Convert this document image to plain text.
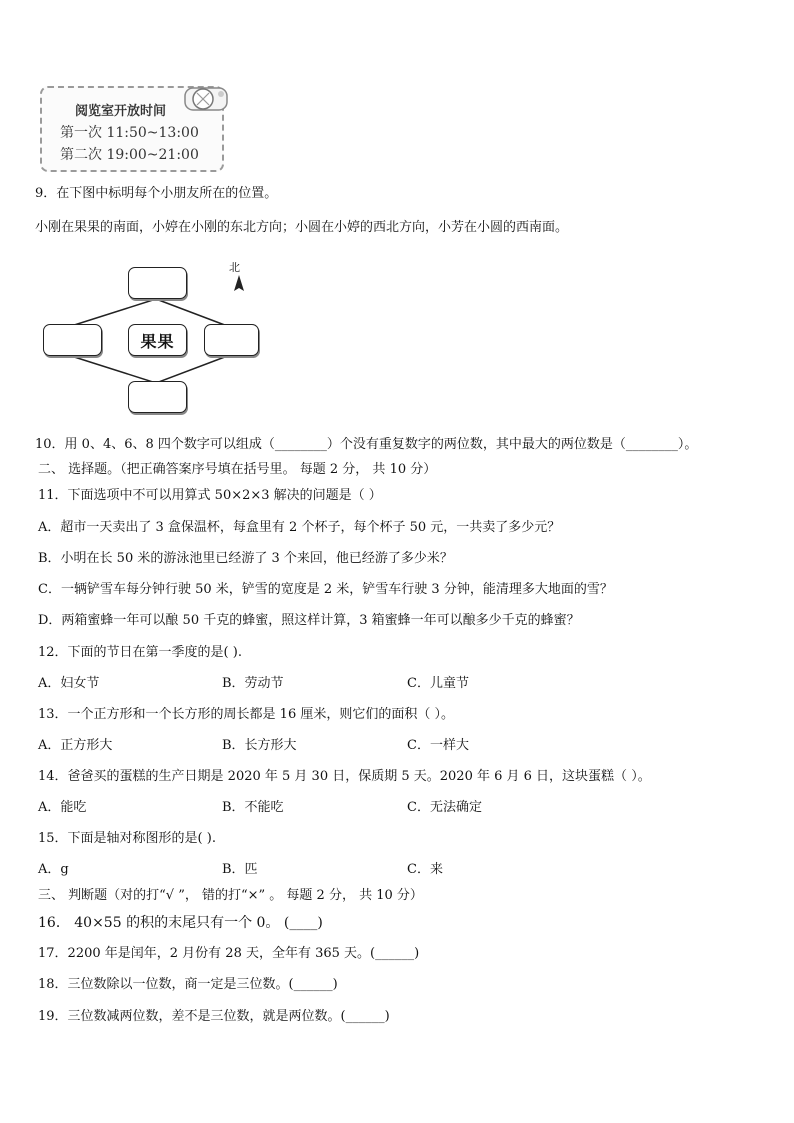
阅览室开放时间
第一次 11:50~13:00
第二次 19:00~21:00
9．在下图中标明每个小朋友所在的位置。
小刚在果果的南面，小婷在小刚的东北方向；小圆在小婷的西北方向，小芳在小圆的西南面。
果果
北
10．用 0、4、6、8 四个数字可以组成（________）个没有重复数字的两位数，其中最大的两位数是（________）。
二、 选择题。（把正确答案序号填在括号里。 每题 2 分， 共 10 分）
11．下面选项中不可以用算式 50×2×3 解决的问题是（ ）
A．超市一天卖出了 3 盒保温杯，每盒里有 2 个杯子，每个杯子 50 元，一共卖了多少元？
B．小明在长 50 米的游泳池里已经游了 3 个来回，他已经游了多少米？
C．一辆铲雪车每分钟行驶 50 米，铲雪的宽度是 2 米，铲雪车行驶 3 分钟，能清理多大地面的雪？
D．两箱蜜蜂一年可以酿 50 千克的蜂蜜，照这样计算，3 箱蜜蜂一年可以酿多少千克的蜂蜜？
12．下面的节日在第一季度的是( ).
A．妇女节	B．劳动节	C．儿童节
13．一个正方形和一个长方形的周长都是 16 厘米，则它们的面积（ ）。
A．正方形大	B．长方形大	C．一样大
14．爸爸买的蛋糕的生产日期是 2020 年 5 月 30 日，保质期 5 天。2020 年 6 月 6 日，这块蛋糕（ ）。
A．能吃	B．不能吃	C．无法确定
15．下面是轴对称图形的是( ).
A．g	B．匹	C．来
三、 判断题（对的打“√ ”， 错的打“×” 。 每题 2 分， 共 10 分）
16． 40×55 的积的末尾只有一个 0。 (____)
17．2200 年是闰年，2 月份有 28 天，全年有 365 天。(______)
18．三位数除以一位数，商一定是三位数。(______)
19．三位数减两位数，差不是三位数，就是两位数。(______)
